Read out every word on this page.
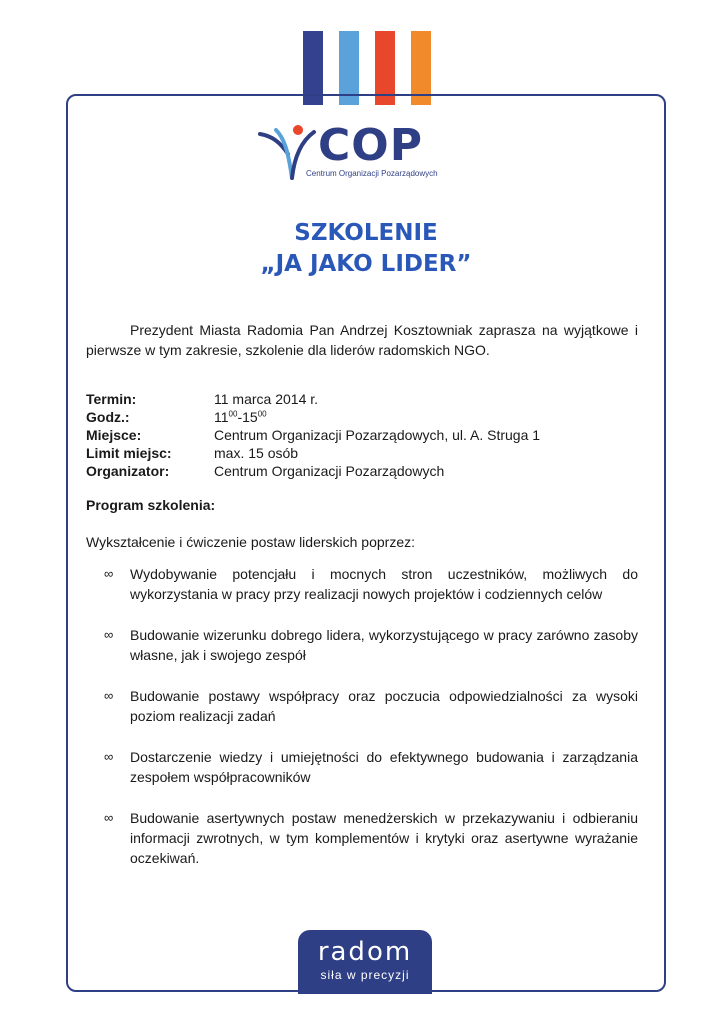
COP
Centrum Organizacji Pozarządowych
SZKOLENIE
„JA JAKO LIDER”
Prezydent Miasta Radomia Pan Andrzej Kosztowniak zaprasza na wyjątkowe i pierwsze w tym zakresie, szkolenie dla liderów radomskich NGO.
Termin:	11 marca 2014 r.
Godz.:	$11^{00}-15^{00}$
Miejsce:	Centrum Organizacji Pozarządowych, ul. A. Struga 1
Limit miejsc:	max. 15 osób
Organizator:	Centrum Organizacji Pozarządowych
Program szkolenia:
Wykształcenie i ćwiczenie postaw liderskich poprzez:
∞ Wydobywanie potencjału i mocnych stron uczestników, możliwych do wykorzystania w pracy przy realizacji nowych projektów i codziennych celów
∞ Budowanie wizerunku dobrego lidera, wykorzystującego w pracy zarówno zasoby własne, jak i swojego zespół
∞ Budowanie postawy współpracy oraz poczucia odpowiedzialności za wysoki poziom realizacji zadań
∞ Dostarczenie wiedzy i umiejętności do efektywnego budowania i zarządzania zespołem współpracowników
∞ Budowanie asertywnych postaw menedżerskich w przekazywaniu i odbieraniu informacji zwrotnych, w tym komplementów i krytyki oraz asertywne wyrażanie oczekiwań.
radom
siła w precyzji
